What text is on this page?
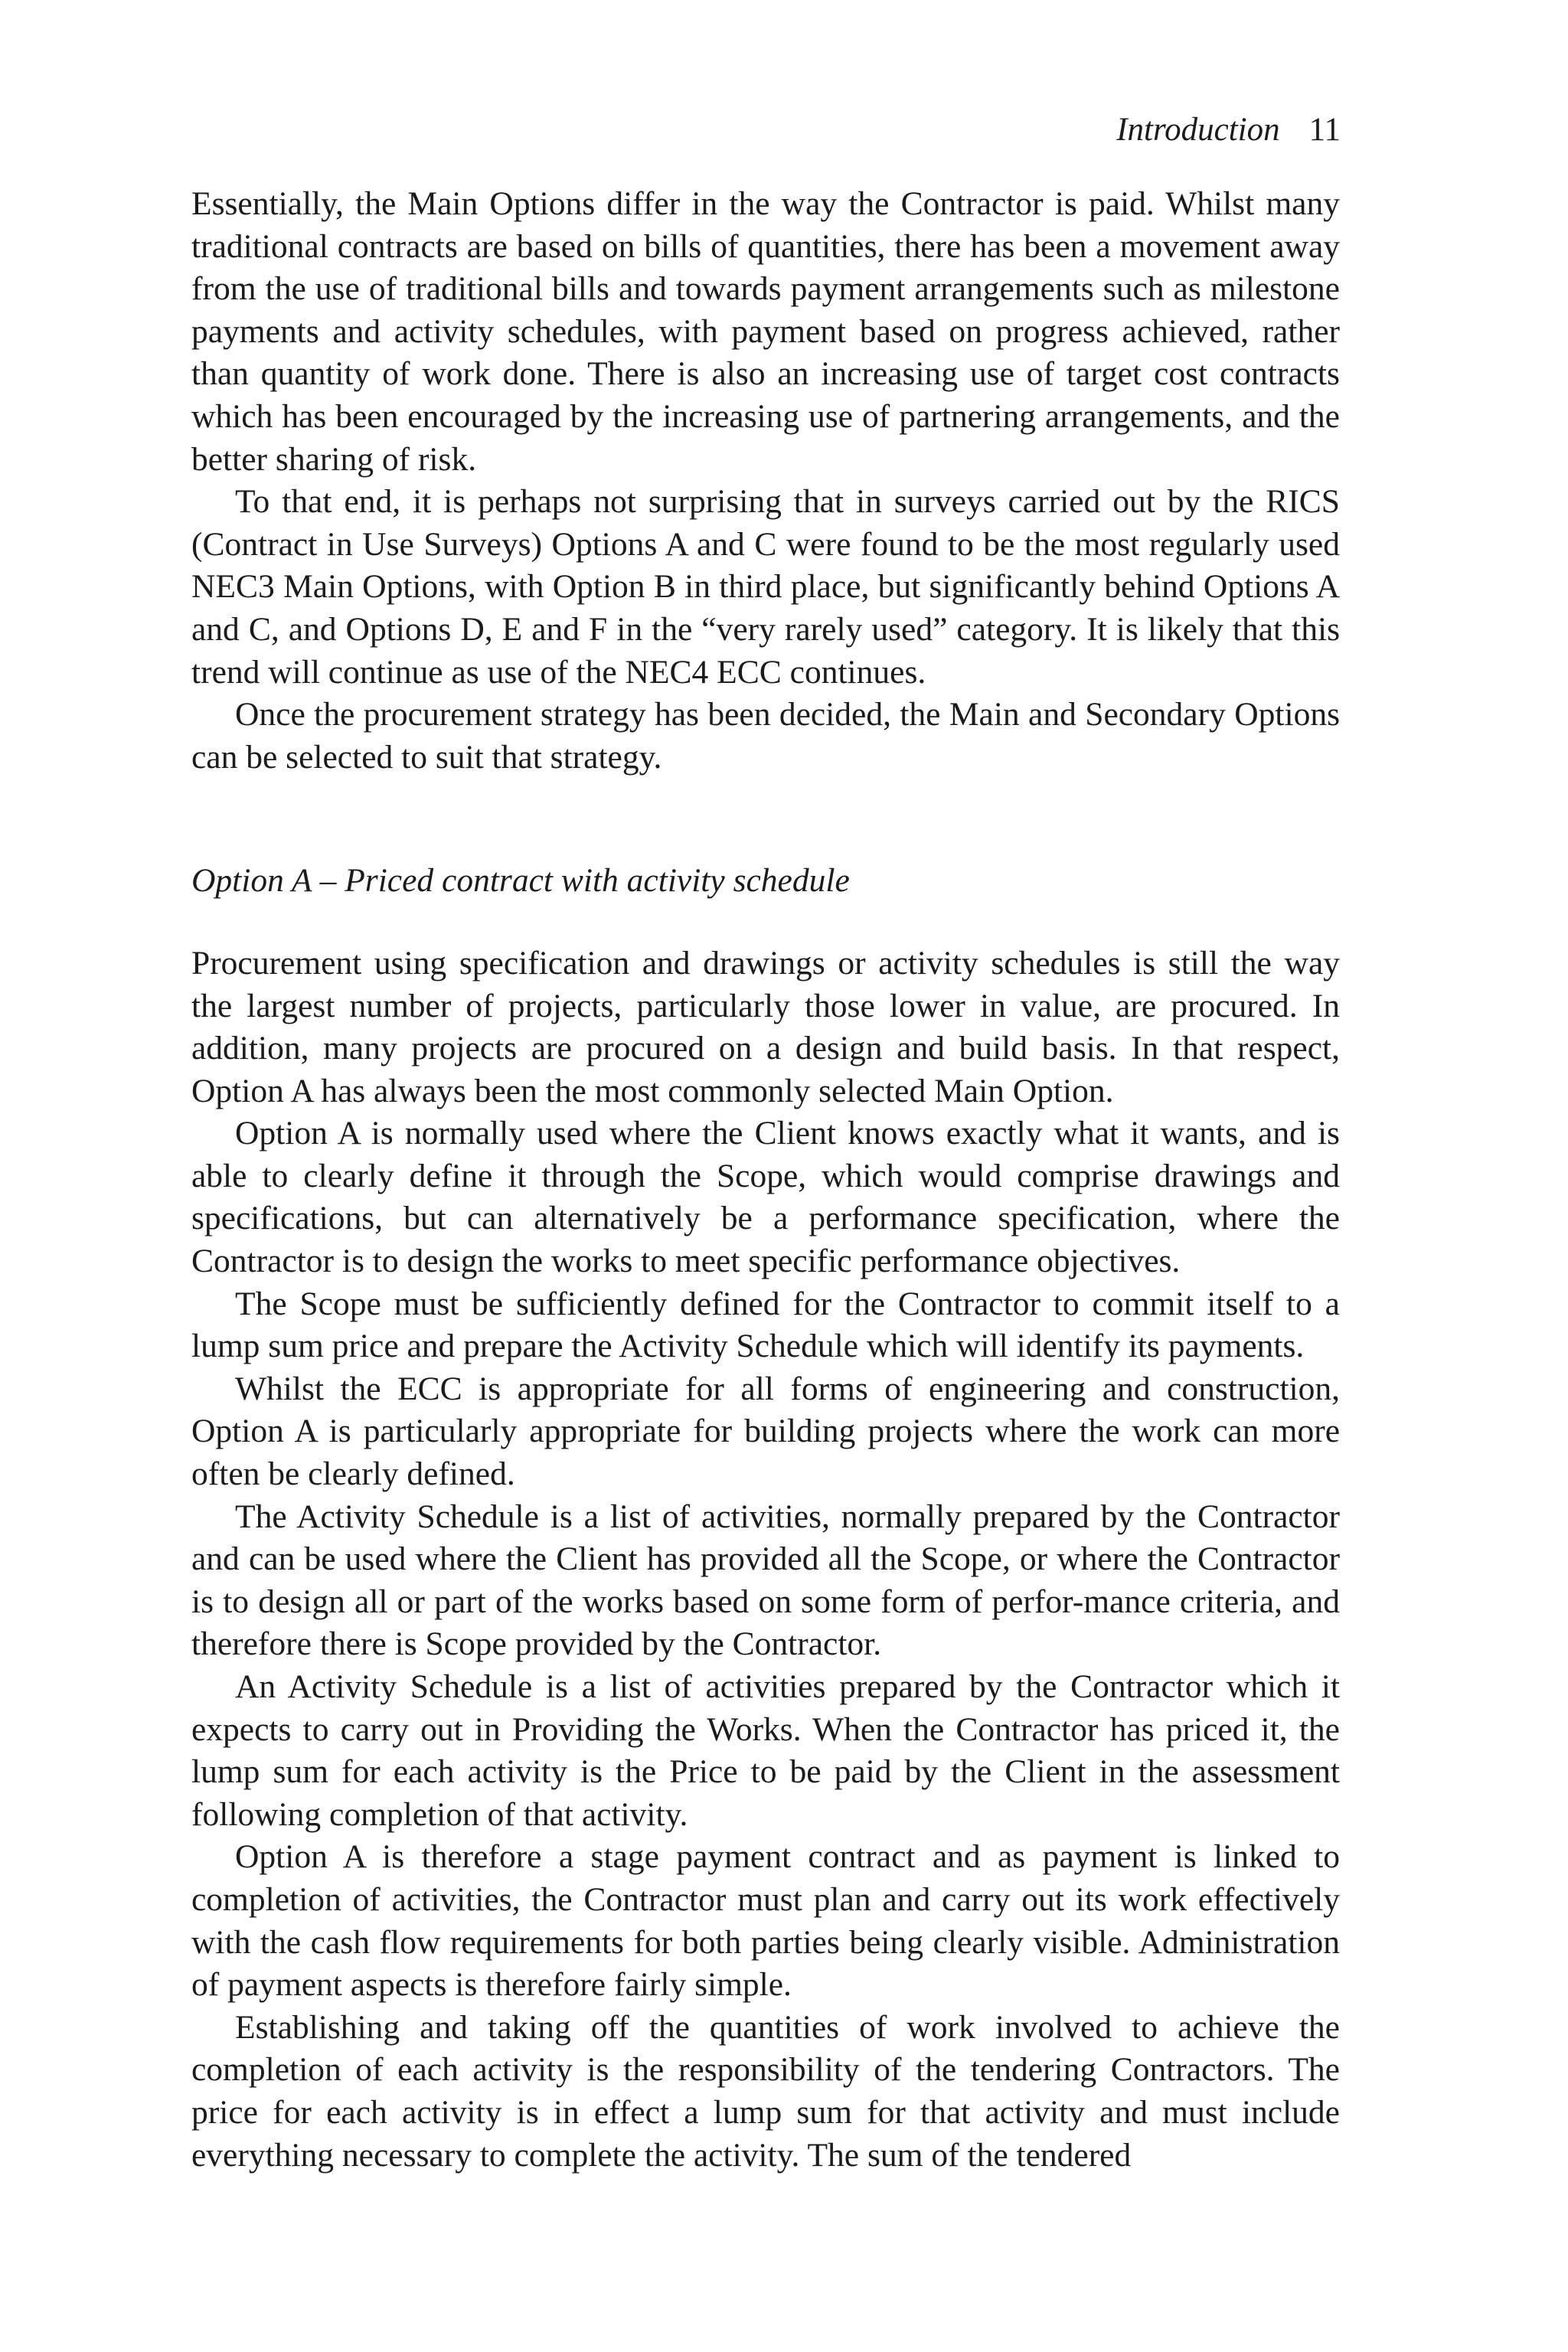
Introduction 11

Essentially, the Main Options differ in the way the Contractor is paid. Whilst many traditional contracts are based on bills of quantities, there has been a movement away from the use of traditional bills and towards payment arrangements such as milestone payments and activity schedules, with payment based on progress achieved, rather than quantity of work done. There is also an increasing use of target cost contracts which has been encouraged by the increasing use of partnering arrangements, and the better sharing of risk.

To that end, it is perhaps not surprising that in surveys carried out by the RICS (Contract in Use Surveys) Options A and C were found to be the most regularly used NEC3 Main Options, with Option B in third place, but significantly behind Options A and C, and Options D, E and F in the “very rarely used” category. It is likely that this trend will continue as use of the NEC4 ECC continues.

Once the procurement strategy has been decided, the Main and Secondary Options can be selected to suit that strategy.

Option A – Priced contract with activity schedule

Procurement using specification and drawings or activity schedules is still the way the largest number of projects, particularly those lower in value, are procured. In addition, many projects are procured on a design and build basis. In that respect, Option A has always been the most commonly selected Main Option.

Option A is normally used where the Client knows exactly what it wants, and is able to clearly define it through the Scope, which would comprise drawings and specifications, but can alternatively be a performance specification, where the Contractor is to design the works to meet specific performance objectives.

The Scope must be sufficiently defined for the Contractor to commit itself to a lump sum price and prepare the Activity Schedule which will identify its payments.

Whilst the ECC is appropriate for all forms of engineering and construction, Option A is particularly appropriate for building projects where the work can more often be clearly defined.

The Activity Schedule is a list of activities, normally prepared by the Contractor and can be used where the Client has provided all the Scope, or where the Contractor is to design all or part of the works based on some form of perfor-mance criteria, and therefore there is Scope provided by the Contractor.

An Activity Schedule is a list of activities prepared by the Contractor which it expects to carry out in Providing the Works. When the Contractor has priced it, the lump sum for each activity is the Price to be paid by the Client in the assessment following completion of that activity.

Option A is therefore a stage payment contract and as payment is linked to completion of activities, the Contractor must plan and carry out its work effectively with the cash flow requirements for both parties being clearly visible. Administration of payment aspects is therefore fairly simple.

Establishing and taking off the quantities of work involved to achieve the completion of each activity is the responsibility of the tendering Contractors. The price for each activity is in effect a lump sum for that activity and must include everything necessary to complete the activity. The sum of the tendered
